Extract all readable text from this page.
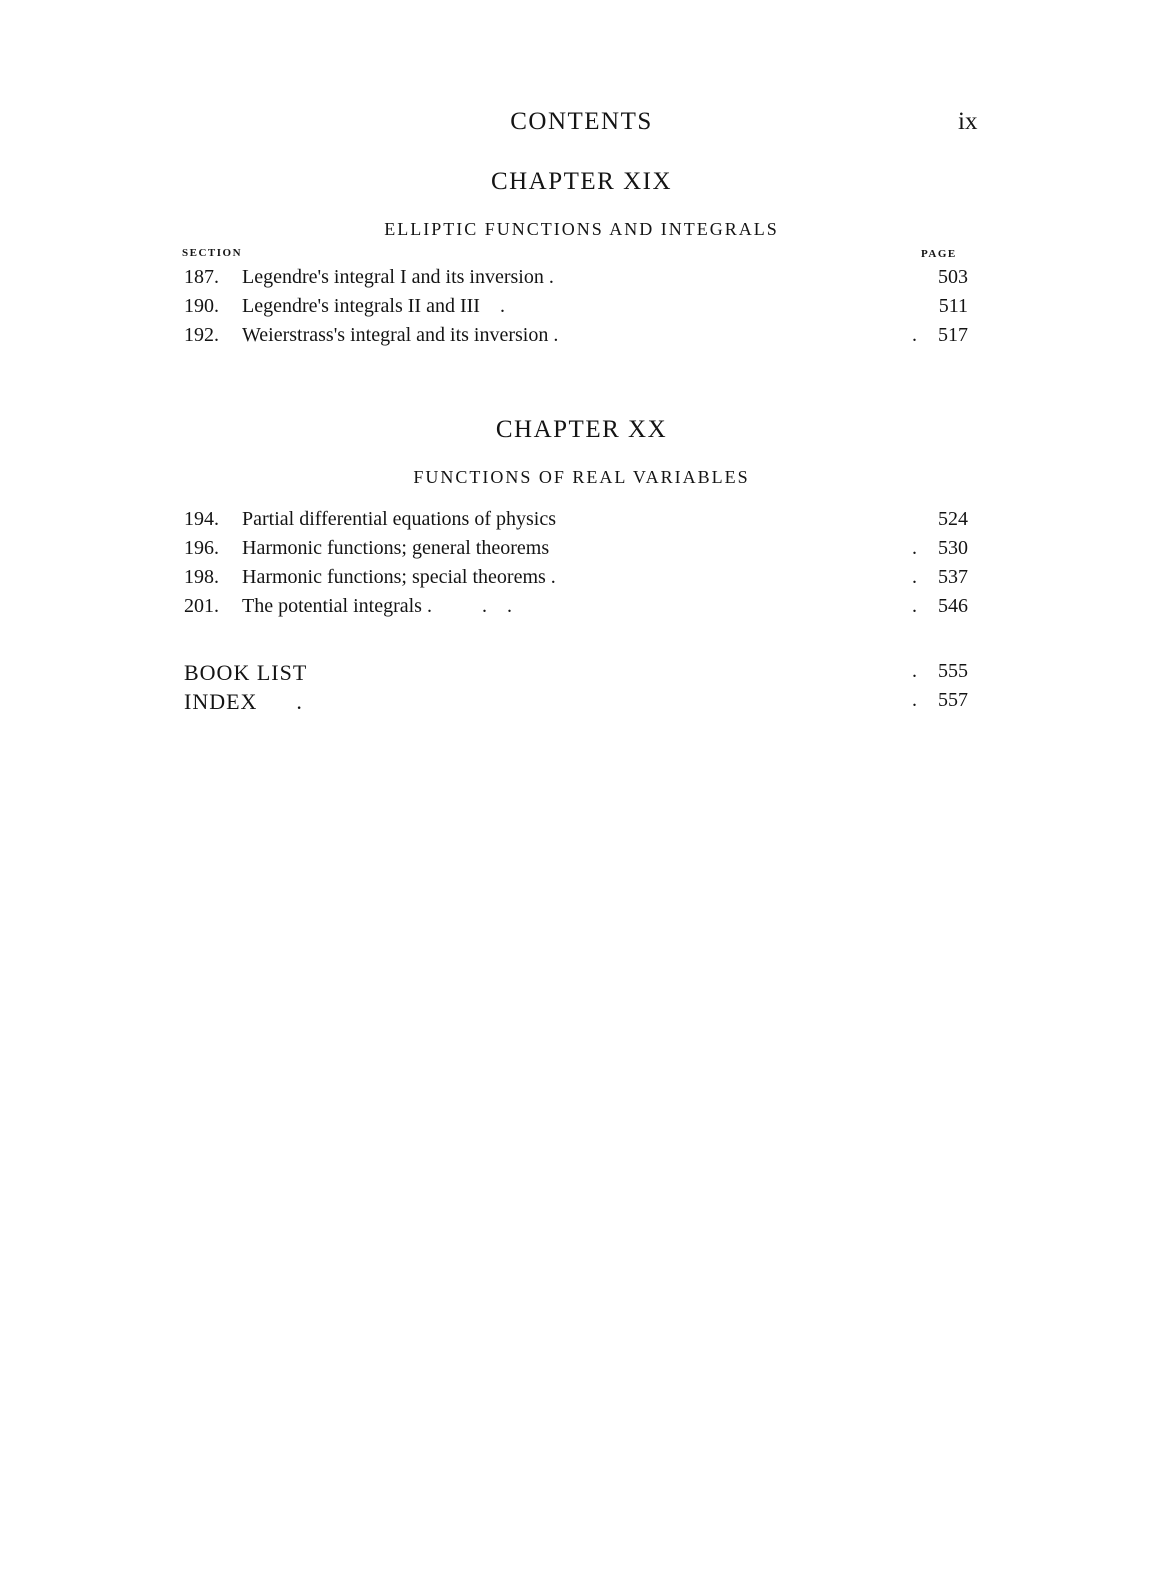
CONTENTS	ix
CHAPTER XIX
ELLIPTIC FUNCTIONS AND INTEGRALS
SECTION	PAGE
187. Legendre's integral I and its inversion .	503
190. Legendre's integrals II and III    .	511
192. Weierstrass's integral and its inversion .	. 517
CHAPTER XX
FUNCTIONS OF REAL VARIABLES
194. Partial differential equations of physics	524
196. Harmonic functions; general theorems	. 530
198. Harmonic functions; special theorems .	. 537
201. The potential integrals .          .    .	. 546
BOOK LIST	. 555
INDEX      .	. 557
